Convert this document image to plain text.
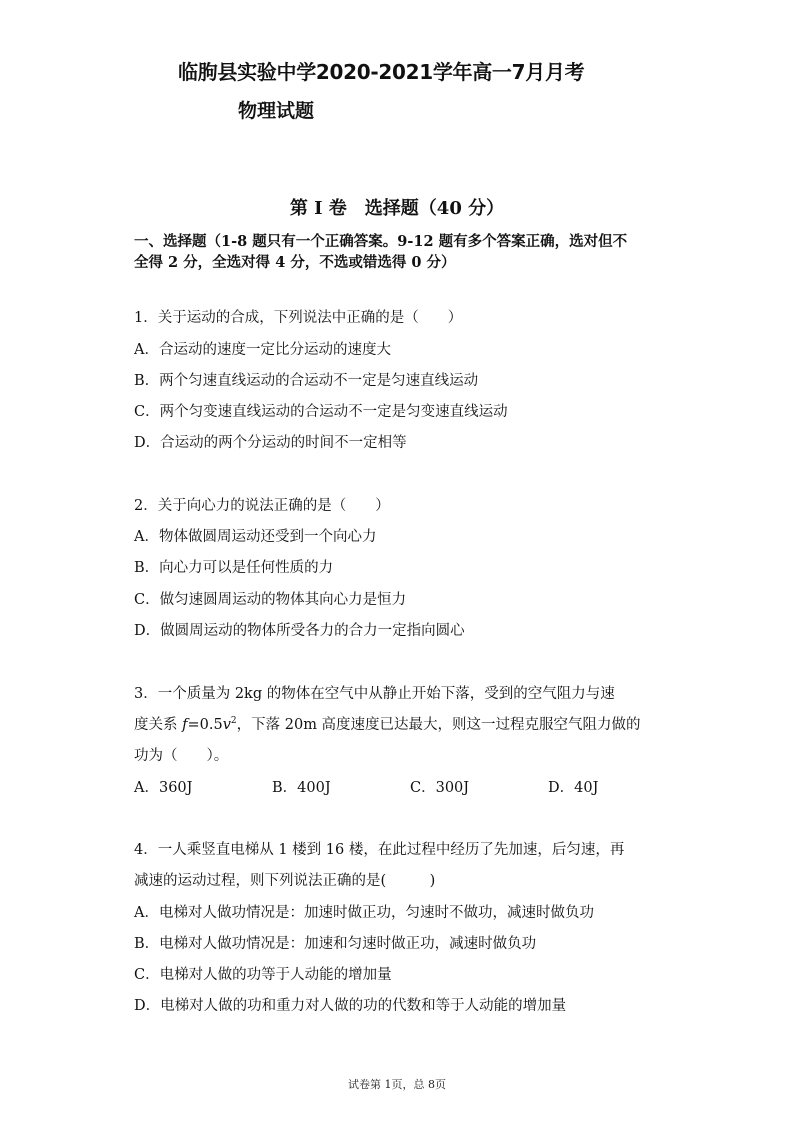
临朐县实验中学2020-2021学年高一7月月考
物理试题
第 I 卷　选择题（40 分）
一、选择题（1-8 题只有一个正确答案。9-12 题有多个答案正确，选对但不
全得 2 分，全选对得 4 分，不选或错选得 0 分）
1．关于运动的合成，下列说法中正确的是（　　）
A．合运动的速度一定比分运动的速度大
B．两个匀速直线运动的合运动不一定是匀速直线运动
C．两个匀变速直线运动的合运动不一定是匀变速直线运动
D．合运动的两个分运动的时间不一定相等
2．关于向心力的说法正确的是（　　）
A．物体做圆周运动还受到一个向心力
B．向心力可以是任何性质的力
C．做匀速圆周运动的物体其向心力是恒力
D．做圆周运动的物体所受各力的合力一定指向圆心
3．一个质量为 2kg 的物体在空气中从静止开始下落，受到的空气阻力与速
度关系 $f=0.5v^2$，下落 20m 高度速度已达最大，则这一过程克服空气阻力做的
功为（　　）。
A．360J	B．400J	C．300J	D．40J
4．一人乘竖直电梯从 1 楼到 16 楼，在此过程中经历了先加速，后匀速，再
减速的运动过程，则下列说法正确的是(　　　)
A．电梯对人做功情况是：加速时做正功，匀速时不做功，减速时做负功
B．电梯对人做功情况是：加速和匀速时做正功，减速时做负功
C．电梯对人做的功等于人动能的增加量
D．电梯对人做的功和重力对人做的功的代数和等于人动能的增加量
试卷第 1页，总 8页
